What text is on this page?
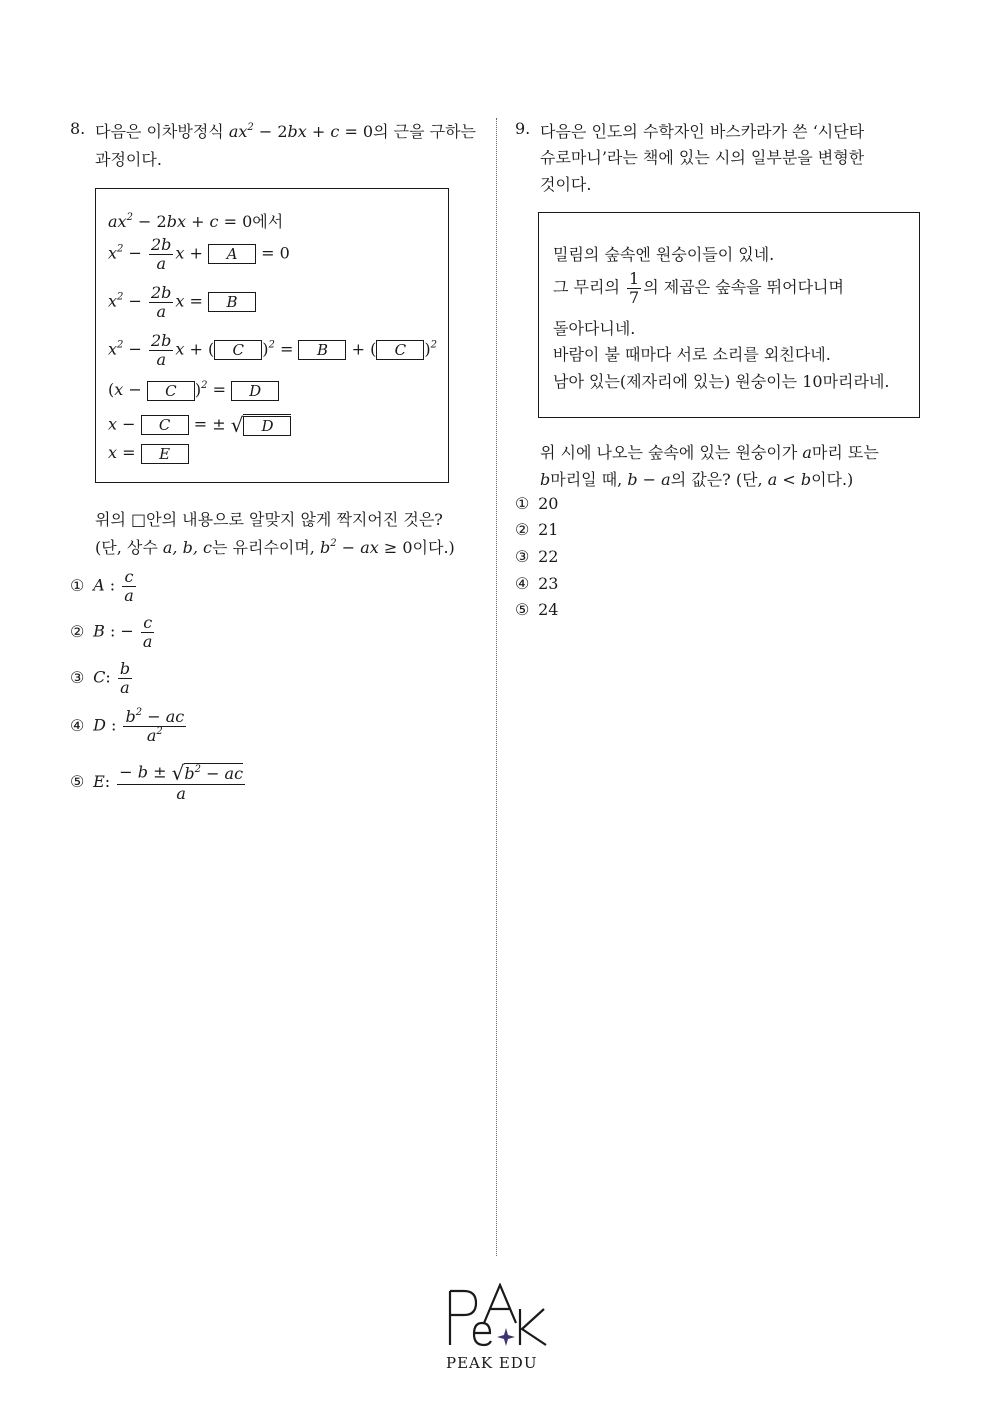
8. 다음은 이차방정식 $ax^2 - 2bx + c = 0$의 근을 구하는
과정이다.
$ax^2 - 2bx + c = 0$에서
$x^2 - \frac{2b}{a}$ x + A = 0
$x^2 - \frac{2b}{a}$ x = B
$x^2 - \frac{2b}{a}$ x + ( C )$^2$ = B + ( C )$^2$
(x − C )$^2$ = D
x − C = ± √ D
x = E
위의 □안의 내용으로 알맞지 않게 짝지어진 것은?
(단, 상수 a, b, c는 유리수이며, $b^2$ − ax ≥ 0이다.)
① A : $\frac{c}{a}$
② B : − $\frac{c}{a}$
③ C: $\frac{b}{a}$
④ D : $\frac{b^2 - ac}{a^2}$
⑤ E: $\frac{- b \pm √b^2 - ac}{a}$
9. 다음은 인도의 수학자인 바스카라가 쓴 ‘시단타
슈로마니’라는 책에 있는 시의 일부분을 변형한
것이다.
밀림의 숲속엔 원숭이들이 있네.
그 무리의 $\frac{1}{7}$ 의 제곱은 숲속을 뛰어다니며
돌아다니네.
바람이 불 때마다 서로 소리를 외친다네.
남아 있는(제자리에 있는) 원숭이는 10마리라네.
위 시에 나오는 숲속에 있는 원숭이가 a마리 또는
b마리일 때, b − a의 값은? (단, a < b이다.)
① 20
② 21
③ 22
④ 23
⑤ 24
PEAK EDU
